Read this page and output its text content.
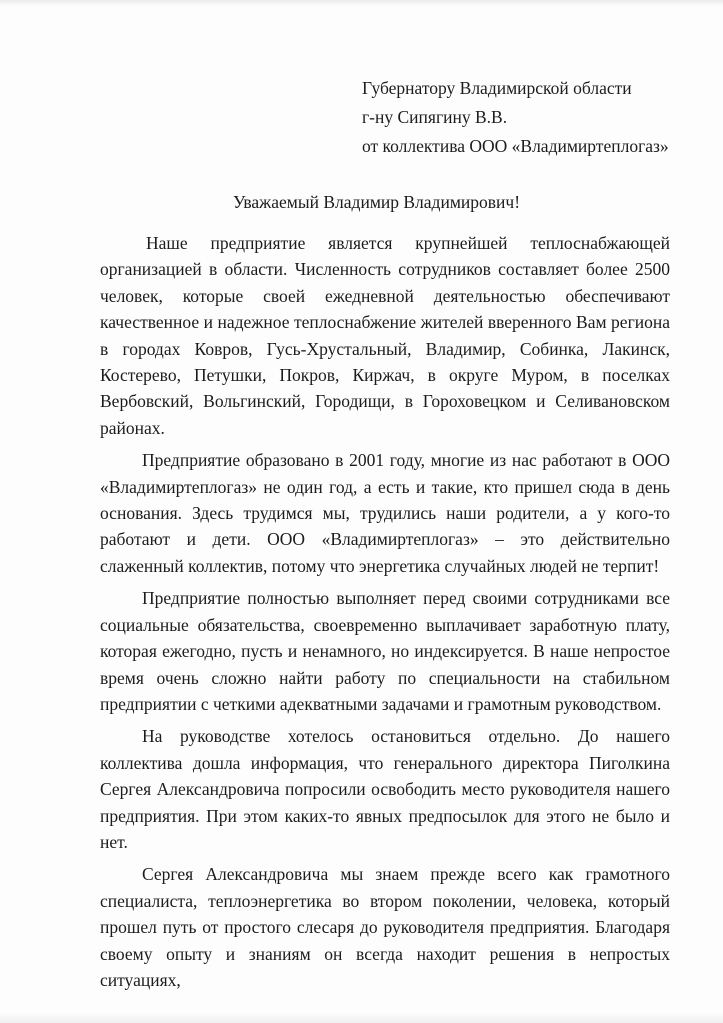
Губернатору Владимирской области
г-ну Сипягину В.В.
от коллектива ООО «Владимиртеплогаз»
Уважаемый Владимир Владимирович!

Наше предприятие является крупнейшей теплоснабжающей организацией в области. Численность сотрудников составляет более 2500 человек, которые своей ежедневной деятельностью обеспечивают качественное и надежное теплоснабжение жителей вверенного Вам региона в городах Ковров, Гусь-Хрустальный, Владимир, Собинка, Лакинск, Костерево, Петушки, Покров, Киржач, в округе Муром, в поселках Вербовский, Вольгинский, Городищи, в Гороховецком и Селивановском районах.

Предприятие образовано в 2001 году, многие из нас работают в ООО «Владимиртеплогаз» не один год, а есть и такие, кто пришел сюда в день основания. Здесь трудимся мы, трудились наши родители, а у кого-то работают и дети. ООО «Владимиртеплогаз» – это действительно слаженный коллектив, потому что энергетика случайных людей не терпит!

Предприятие полностью выполняет перед своими сотрудниками все социальные обязательства, своевременно выплачивает заработную плату, которая ежегодно, пусть и ненамного, но индексируется. В наше непростое время очень сложно найти работу по специальности на стабильном предприятии с четкими адекватными задачами и грамотным руководством.

На руководстве хотелось остановиться отдельно. До нашего коллектива дошла информация, что генерального директора Пиголкина Сергея Александровича попросили освободить место руководителя нашего предприятия. При этом каких-то явных предпосылок для этого не было и нет.

Сергея Александровича мы знаем прежде всего как грамотного специалиста, теплоэнергетика во втором поколении, человека, который прошел путь от простого слесаря до руководителя предприятия. Благодаря своему опыту и знаниям он всегда находит решения в непростых ситуациях,
